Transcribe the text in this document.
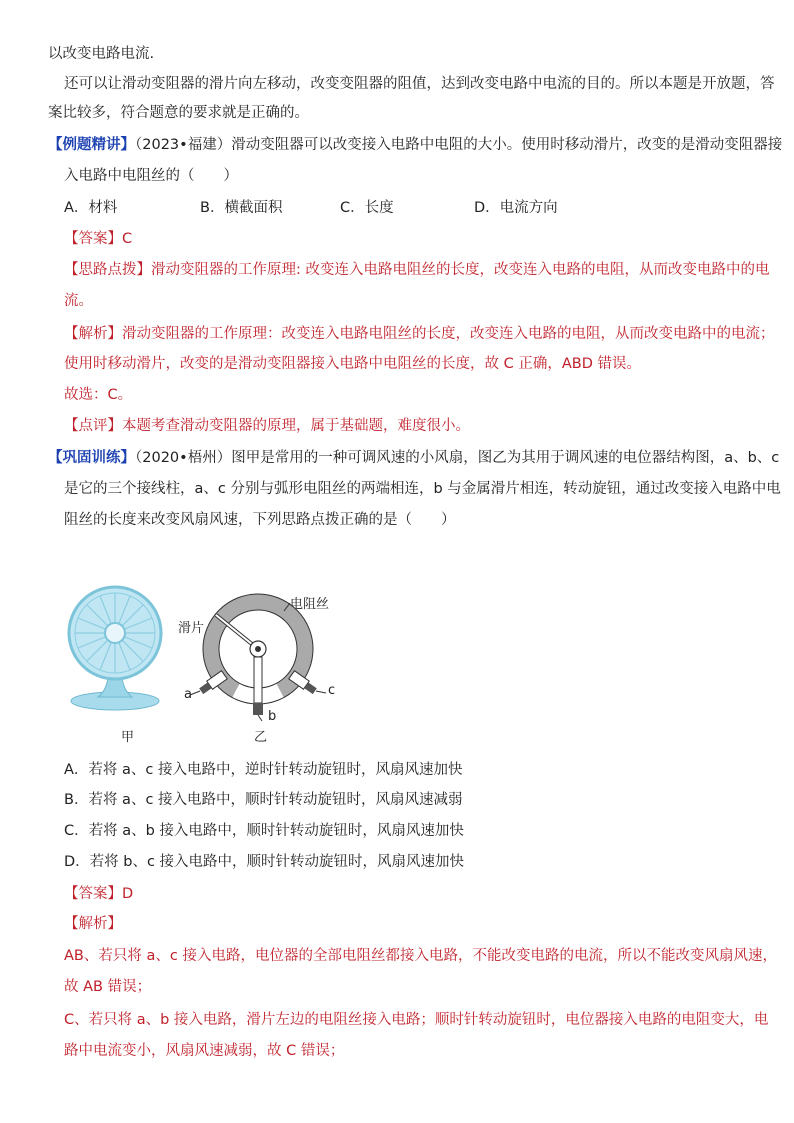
以改变电路电流.
还可以让滑动变阻器的滑片向左移动，改变变阻器的阻值，达到改变电路中电流的目的。所以本题是开放题，答
案比较多，符合题意的要求就是正确的。
【例题精讲】（2023•福建）滑动变阻器可以改变接入电路中电阻的大小。使用时移动滑片，改变的是滑动变阻器接
入电路中电阻丝的（　　）
A．材料	B．横截面积	C．长度	D．电流方向
【答案】C
【思路点拨】滑动变阻器的工作原理: 改变连入电路电阻丝的长度，改变连入电路的电阻，从而改变电路中的电
流。
【解析】滑动变阻器的工作原理：改变连入电路电阻丝的长度，改变连入电路的电阻，从而改变电路中的电流；
使用时移动滑片，改变的是滑动变阻器接入电路中电阻丝的长度，故 C 正确，ABD 错误。
故选：C。
【点评】本题考查滑动变阻器的原理，属于基础题，难度很小。
【巩固训练】（2020•梧州）图甲是常用的一种可调风速的小风扇，图乙为其用于调风速的电位器结构图，a、b、c
是它的三个接线柱，a、c 分别与弧形电阻丝的两端相连，b 与金属滑片相连，转动旋钮，通过改变接入电路中电
阻丝的长度来改变风扇风速，下列思路点拨正确的是（　　）
电阻丝
滑片
a
b
c
甲	乙
A．若将 a、c 接入电路中，逆时针转动旋钮时，风扇风速加快
B．若将 a、c 接入电路中，顺时针转动旋钮时，风扇风速减弱
C．若将 a、b 接入电路中，顺时针转动旋钮时，风扇风速加快
D．若将 b、c 接入电路中，顺时针转动旋钮时，风扇风速加快
【答案】D
【解析】
AB、若只将 a、c 接入电路，电位器的全部电阻丝都接入电路，不能改变电路的电流，所以不能改变风扇风速，
故 AB 错误；
C、若只将 a、b 接入电路，滑片左边的电阻丝接入电路；顺时针转动旋钮时，电位器接入电路的电阻变大，电
路中电流变小，风扇风速减弱，故 C 错误；
